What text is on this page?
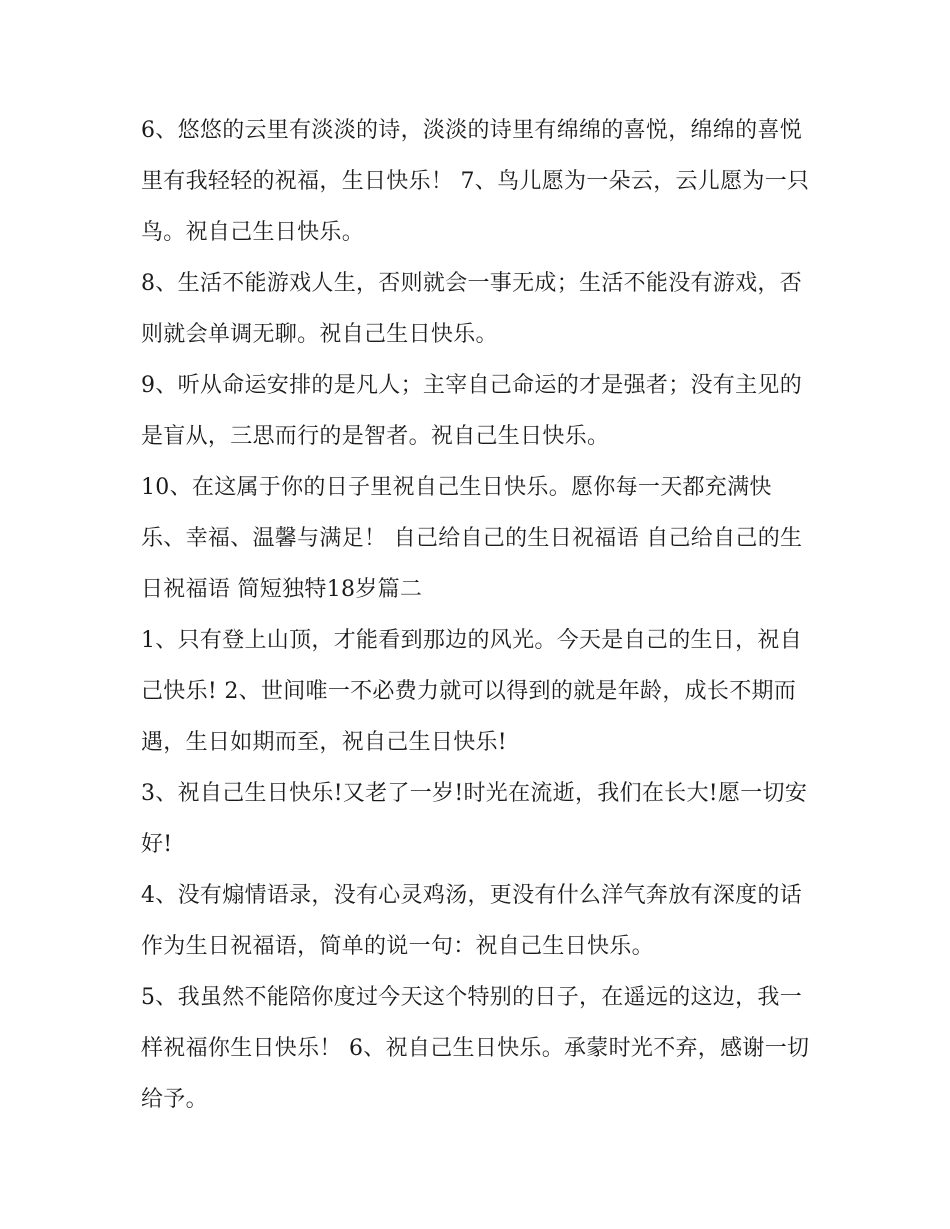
6、悠悠的云里有淡淡的诗，淡淡的诗里有绵绵的喜悦，绵绵的喜悦里有我轻轻的祝福，生日快乐！ 7、鸟儿愿为一朵云，云儿愿为一只鸟。祝自己生日快乐。

8、生活不能游戏人生，否则就会一事无成；生活不能没有游戏，否则就会单调无聊。祝自己生日快乐。

9、听从命运安排的是凡人；主宰自己命运的才是强者；没有主见的是盲从，三思而行的是智者。祝自己生日快乐。

10、在这属于你的日子里祝自己生日快乐。愿你每一天都充满快乐、幸福、温馨与满足！ 自己给自己的生日祝福语 自己给自己的生日祝福语 简短独特18岁篇二

1、只有登上山顶，才能看到那边的风光。今天是自己的生日，祝自己快乐! 2、世间唯一不必费力就可以得到的就是年龄，成长不期而遇，生日如期而至，祝自己生日快乐!

3、祝自己生日快乐!又老了一岁!时光在流逝，我们在长大!愿一切安好!

4、没有煽情语录，没有心灵鸡汤，更没有什么洋气奔放有深度的话作为生日祝福语，简单的说一句：祝自己生日快乐。

5、我虽然不能陪你度过今天这个特别的日子，在遥远的这边，我一样祝福你生日快乐！ 6、祝自己生日快乐。承蒙时光不弃，感谢一切给予。
